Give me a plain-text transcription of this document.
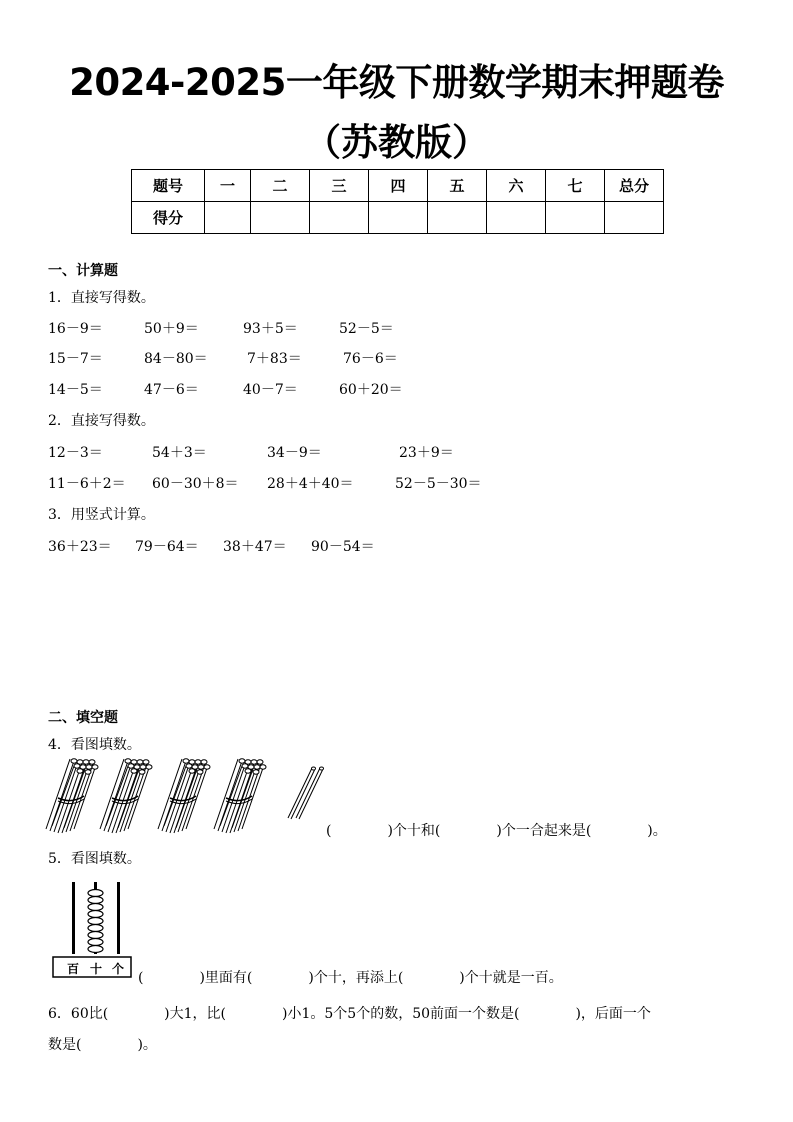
2024-2025一年级下册数学期末押题卷
（苏教版）
题号	一	二	三	四	五	六	七	总分
得分								
一、计算题
1．直接写得数。
16－9＝	50＋9＝	93＋5＝	52－5＝
15－7＝	84－80＝	7＋83＝	76－6＝
14－5＝	47－6＝	40－7＝	60＋20＝
2．直接写得数。
12－3＝	54＋3＝	34－9＝	23＋9＝
11－6＋2＝ 60－30＋8＝ 28＋4＋40＝	52－5－30＝
3．用竖式计算。
36＋23＝ 79－64＝ 38＋47＝ 90－54＝
二、填空题
4．看图填数。
(　　　　)个十和(　　　　)个一合起来是(　　　　)。
5．看图填数。
百 十 个
(　　　　)里面有(　　　　)个十，再添上(　　　　)个十就是一百。
6．60比(　　　　)大1，比(　　　　)小1。5个5个的数，50前面一个数是(　　　　)，后面一个
数是(　　　　)。
